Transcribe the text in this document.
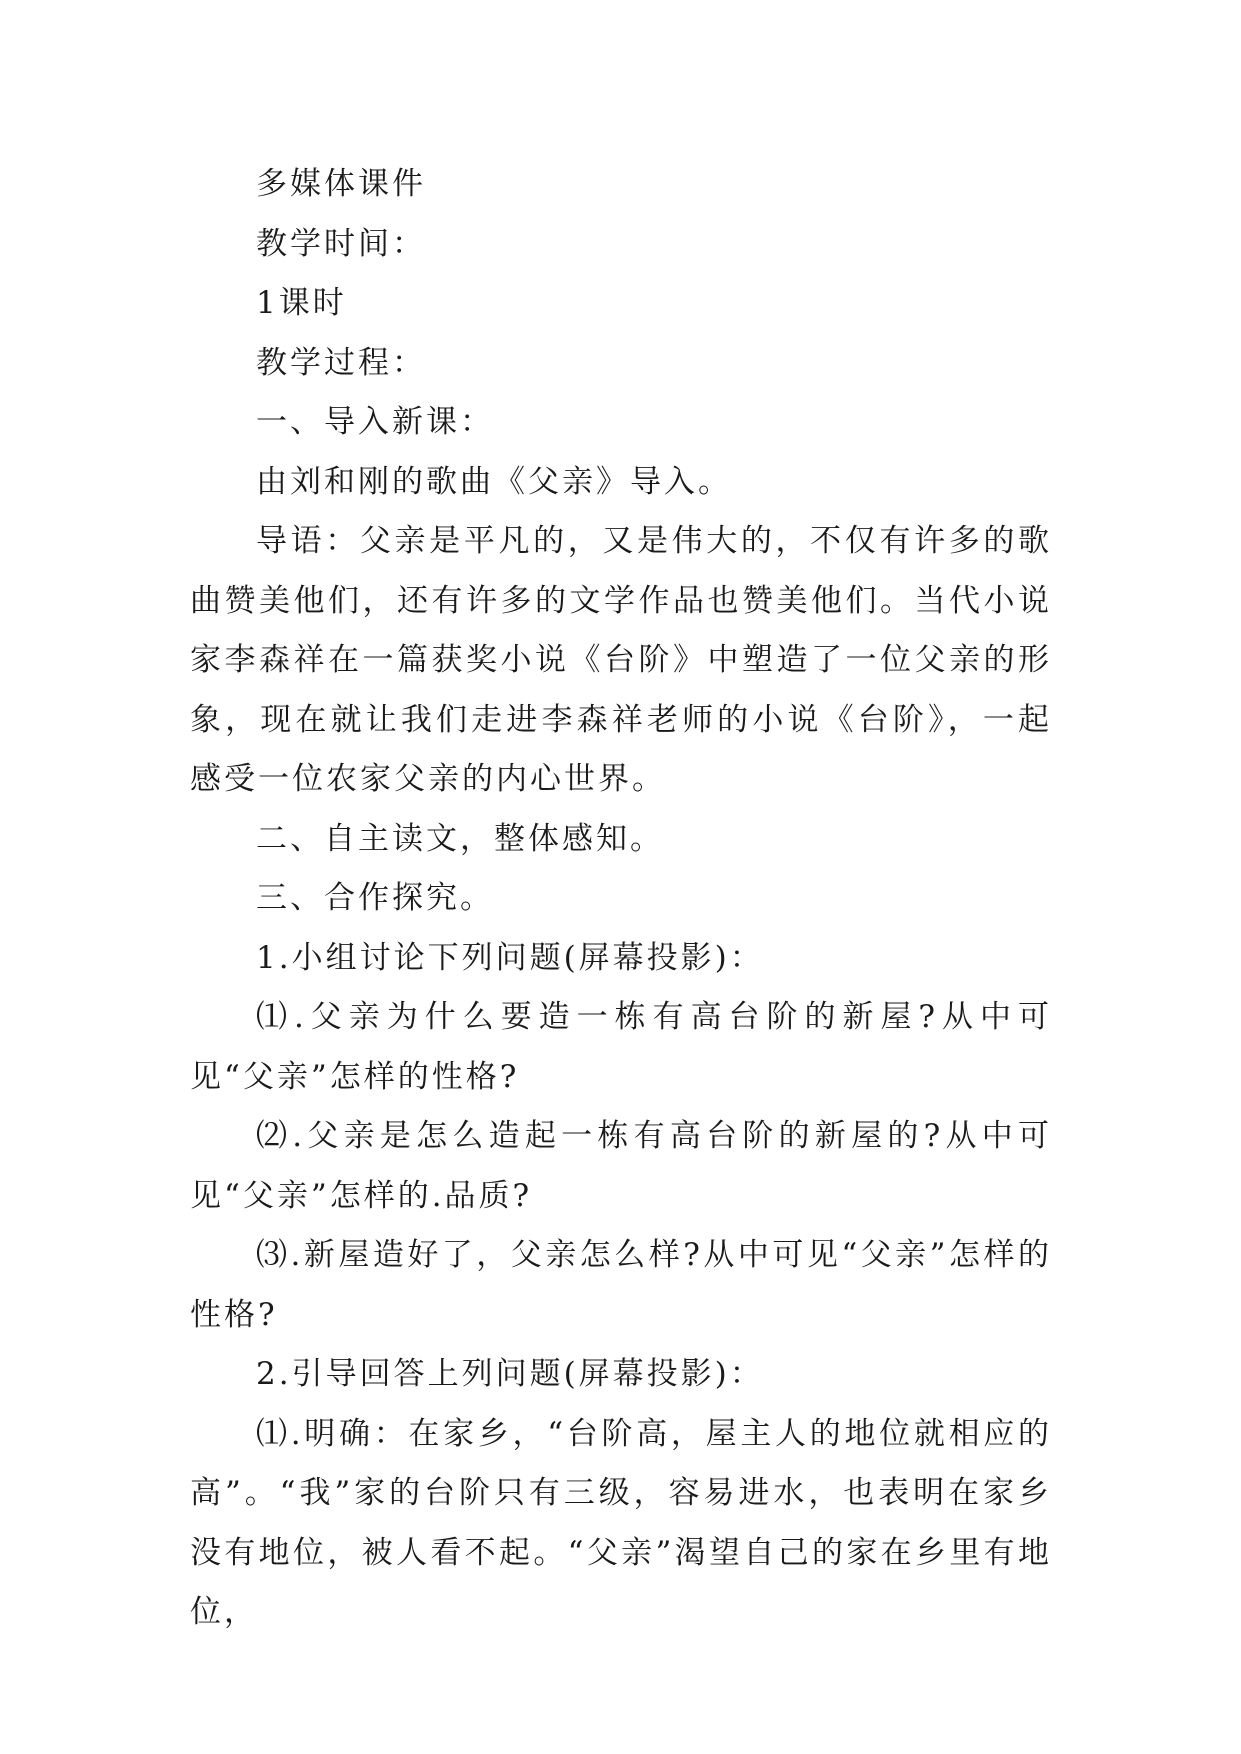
多媒体课件

教学时间：

1课时

教学过程：

一、导入新课：

由刘和刚的歌曲《父亲》导入。

导语：父亲是平凡的，又是伟大的，不仅有许多的歌曲赞美他们，还有许多的文学作品也赞美他们。当代小说家李森祥在一篇获奖小说《台阶》中塑造了一位父亲的形象，现在就让我们走进李森祥老师的小说《台阶》，一起感受一位农家父亲的内心世界。

二、自主读文，整体感知。

三、合作探究。

1.小组讨论下列问题(屏幕投影)：

⑴.父亲为什么要造一栋有高台阶的新屋?从中可见“父亲”怎样的性格?

⑵.父亲是怎么造起一栋有高台阶的新屋的?从中可见“父亲”怎样的.品质?

⑶.新屋造好了，父亲怎么样?从中可见“父亲”怎样的性格?

2.引导回答上列问题(屏幕投影)：

⑴.明确：在家乡，“台阶高，屋主人的地位就相应的高”。“我”家的台阶只有三级，容易进水，也表明在家乡没有地位，被人看不起。“父亲”渴望自己的家在乡里有地位，
